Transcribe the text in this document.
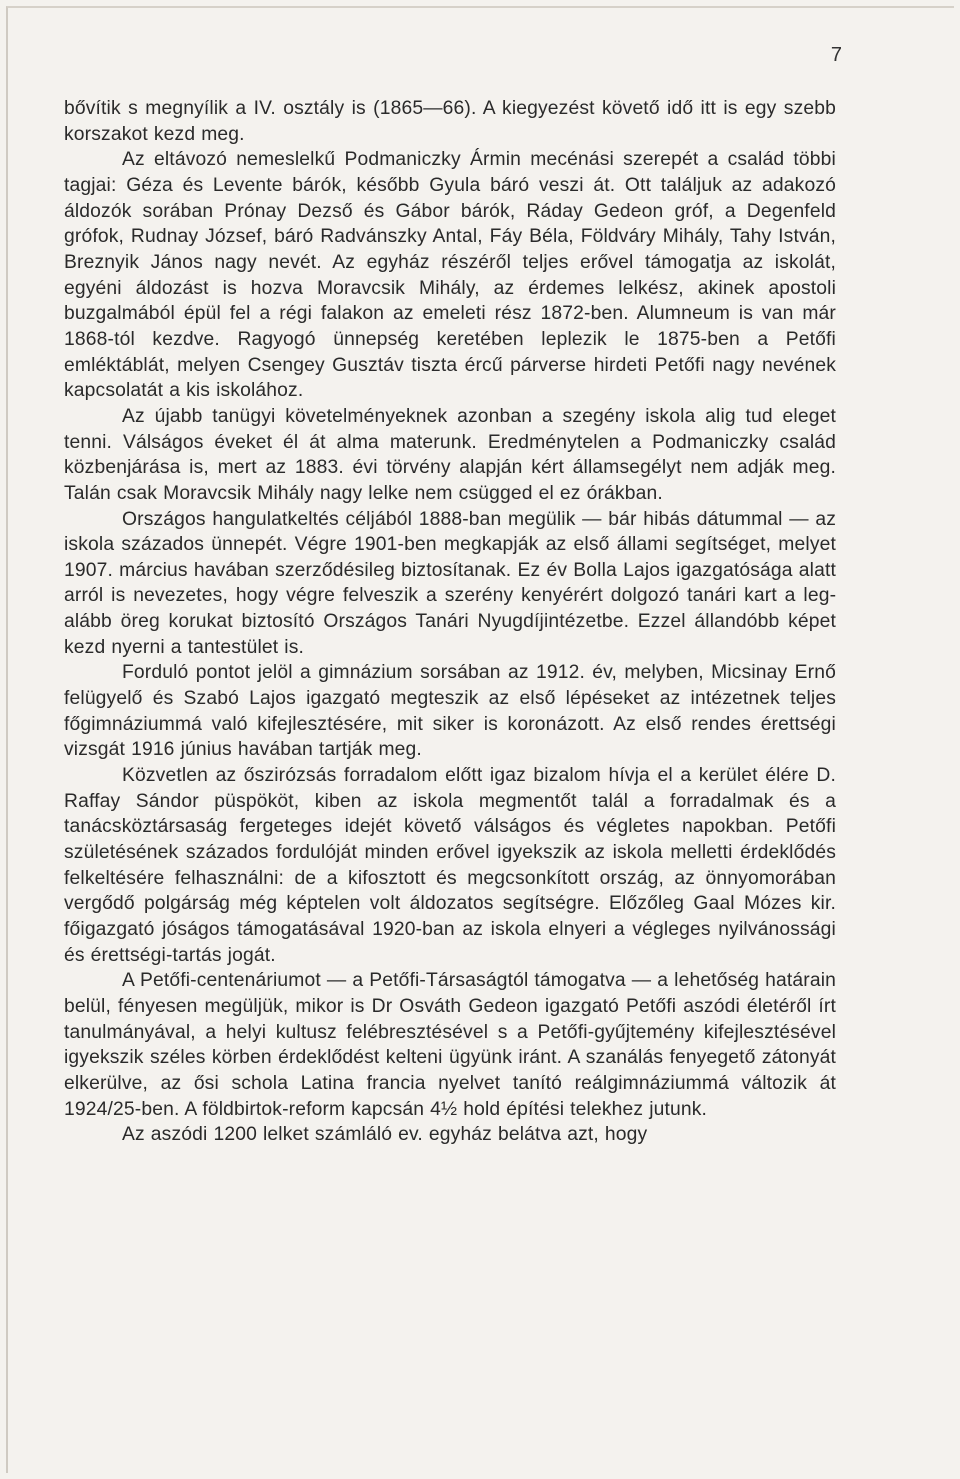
7

bővítik s megnyílik a IV. osztály is (1865—66). A kiegyezést követő idő itt is egy szebb korszakot kezd meg.

Az eltávozó nemeslelkű Podmaniczky Ármin mecénási szerepét a család többi tagjai: Géza és Levente bárók, később Gyula báró veszi át. Ott találjuk az adakozó áldozók sorában Prónay Dezső és Gábor bárók, Ráday Gedeon gróf, a Degenfeld grófok, Rudnay József, báró Radvánszky Antal, Fáy Béla, Földváry Mihály, Tahy István, Breznyik János nagy nevét. Az egyház részéről teljes erővel támogatja az iskolát, egyéni áldozást is hozva Moravcsik Mihály, az érdemes lelkész, akinek apostoli buzgalmából épül fel a régi falakon az emeleti rész 1872-ben. Alumneum is van már 1868-tól kezdve. Ragyogó ünnepség keretében leplezik le 1875-ben a Petőfi emléktáblát, melyen Csengey Gusztáv tiszta ércű párverse hirdeti Petőfi nagy nevének kapcsolatát a kis iskolához.

Az újabb tanügyi követelményeknek azonban a szegény iskola alig tud eleget tenni. Válságos éveket él át alma materunk. Eredménytelen a Podmaniczky család közbenjárása is, mert az 1883. évi törvény alapján kért államsegélyt nem adják meg. Talán csak Moravcsik Mihály nagy lelke nem csügged el ez órákban.

Országos hangulatkeltés céljából 1888-ban megülik — bár hibás dátummal — az iskola százados ünnepét. Végre 1901-ben megkapják az első állami segítséget, melyet 1907. március havában szerződésileg biztosítanak. Ez év Bolla Lajos igazgatósága alatt arról is nevezetes, hogy végre felveszik a szerény kenyérért dolgozó tanári kart a legalább öreg korukat biztosító Országos Tanári Nyugdíjintézetbe. Ezzel állandóbb képet kezd nyerni a tantestület is.

Forduló pontot jelöl a gimnázium sorsában az 1912. év, melyben, Micsinay Ernő felügyelő és Szabó Lajos igazgató megteszik az első lépéseket az intézetnek teljes főgimnáziummá való kifejlesztésére, mit siker is koronázott. Az első rendes érettségi vizsgát 1916 június havában tartják meg.

Közvetlen az őszirózsás forradalom előtt igaz bizalom hívja el a kerület élére D. Raffay Sándor püspököt, kiben az iskola megmentőt talál a forradalmak és a tanácsköztársaság fergeteges idejét követő válságos és végletes napokban. Petőfi születésének százados fordulóját minden erővel igyekszik az iskola melletti érdeklődés felkeltésére felhasználni: de a kifosztott és megcsonkított ország, az önnyomorában vergődő polgárság még képtelen volt áldozatos segítségre. Előzőleg Gaal Mózes kir. főigazgató jóságos támogatásával 1920-ban az iskola elnyeri a végleges nyilvánossági és érettségi-tartás jogát.

A Petőfi-centenáriumot — a Petőfi-Társaságtól támogatva — a lehetőség határain belül, fényesen megüljük, mikor is Dr Osváth Gedeon igazgató Petőfi aszódi életéről írt tanulmányával, a helyi kultusz felébresztésével s a Petőfi-gyűjtemény kifejlesztésével igyekszik széles körben érdeklődést kelteni ügyünk iránt. A szanálás fenyegető zátonyát elkerülve, az ősi schola Latina francia nyelvet tanító reálgimnáziummá változik át 1924/25-ben. A földbirtok-reform kapcsán 4½ hold építési telekhez jutunk.

Az aszódi 1200 lelket számláló ev. egyház belátva azt, hogy
